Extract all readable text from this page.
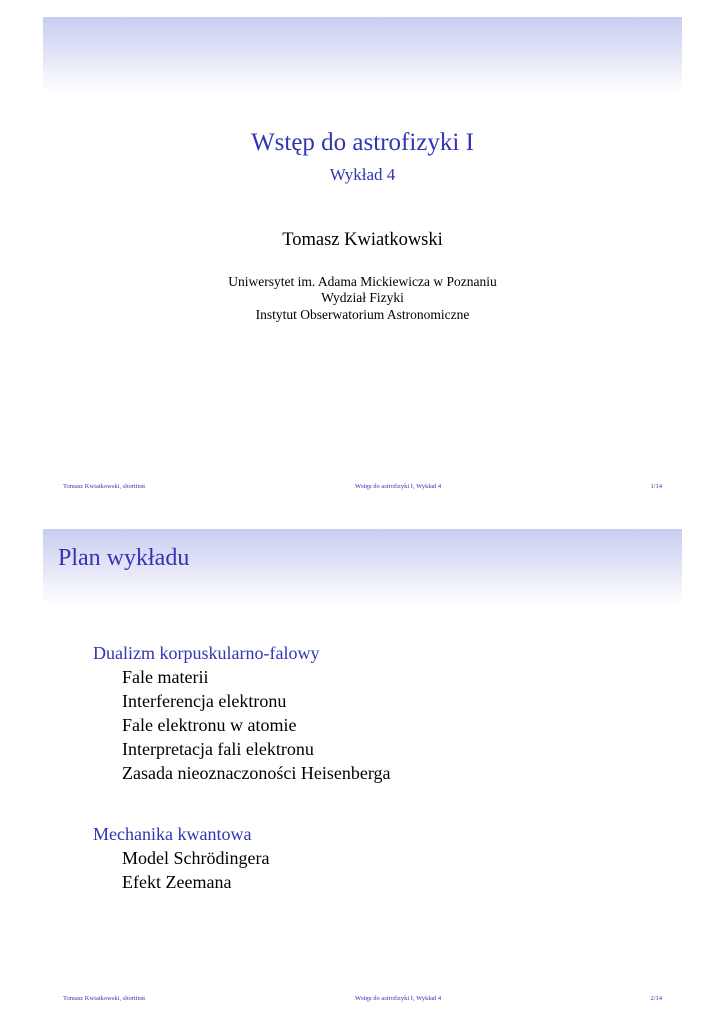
Wstęp do astrofizyki I
Wykład 4
Tomasz Kwiatkowski
Uniwersytet im. Adama Mickiewicza w Poznaniu
Wydział Fizyki
Instytut Obserwatorium Astronomiczne
Tomasz Kwiatkowski, shortinst	Wstęp do astrofizyki I, Wykład 4	1/14
Plan wykładu
Dualizm korpuskularno-falowy
Fale materii
Interferencja elektronu
Fale elektronu w atomie
Interpretacja fali elektronu
Zasada nieoznaczoności Heisenberga
Mechanika kwantowa
Model Schrödingera
Efekt Zeemana
Tomasz Kwiatkowski, shortinst	Wstęp do astrofizyki I, Wykład 4	2/14
